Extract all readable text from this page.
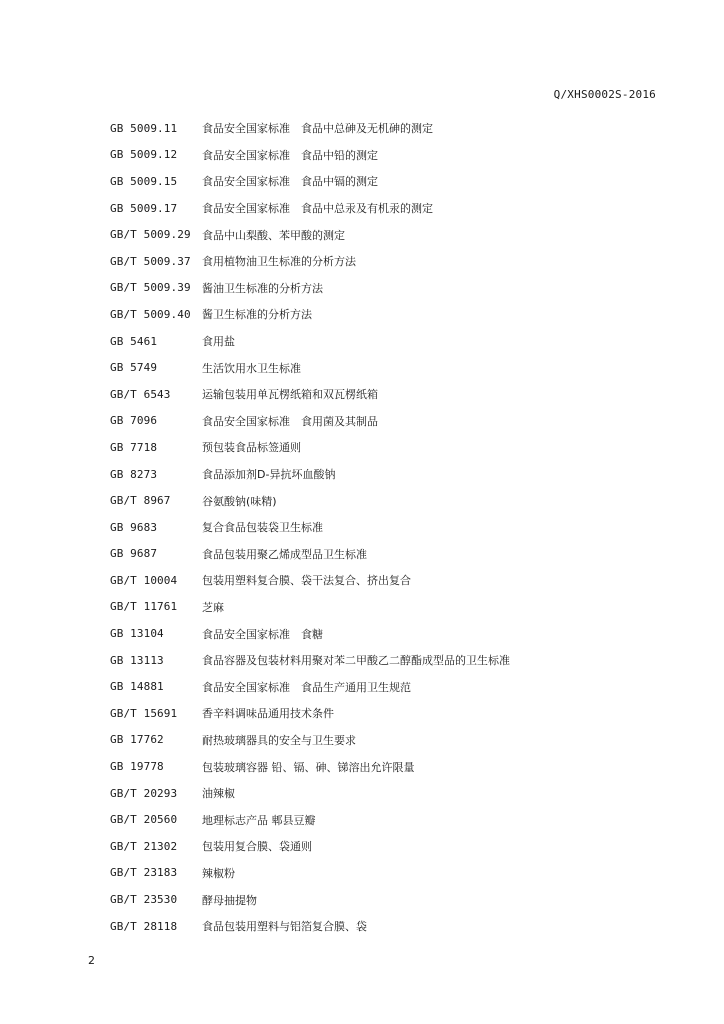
Q/XHS0002S-2016
GB 5009.11	食品安全国家标准　食品中总砷及无机砷的测定
GB 5009.12	食品安全国家标准　食品中铅的测定
GB 5009.15	食品安全国家标准　食品中镉的测定
GB 5009.17	食品安全国家标准　食品中总汞及有机汞的测定
GB/T 5009.29	食品中山梨酸、苯甲酸的测定
GB/T 5009.37	食用植物油卫生标准的分析方法
GB/T 5009.39	酱油卫生标准的分析方法
GB/T 5009.40	酱卫生标准的分析方法
GB 5461	食用盐
GB 5749	生活饮用水卫生标准
GB/T 6543	运输包装用单瓦楞纸箱和双瓦楞纸箱
GB 7096	食品安全国家标准　食用菌及其制品
GB 7718	预包装食品标签通则
GB 8273	食品添加剂D-异抗坏血酸钠
GB/T 8967	谷氨酸钠(味精)
GB 9683	复合食品包装袋卫生标准
GB 9687	食品包装用聚乙烯成型品卫生标准
GB/T 10004	包装用塑料复合膜、袋干法复合、挤出复合
GB/T 11761	芝麻
GB 13104	食品安全国家标准　食糖
GB 13113	食品容器及包装材料用聚对苯二甲酸乙二醇酯成型品的卫生标准
GB 14881	食品安全国家标准　食品生产通用卫生规范
GB/T 15691	香辛料调味品通用技术条件
GB 17762	耐热玻璃器具的安全与卫生要求
GB 19778	包装玻璃容器 铅、镉、砷、锑溶出允许限量
GB/T 20293	油辣椒
GB/T 20560	地理标志产品 郫县豆瓣
GB/T 21302	包装用复合膜、袋通则
GB/T 23183	辣椒粉
GB/T 23530	酵母抽提物
GB/T 28118	食品包装用塑料与铝箔复合膜、袋
2
